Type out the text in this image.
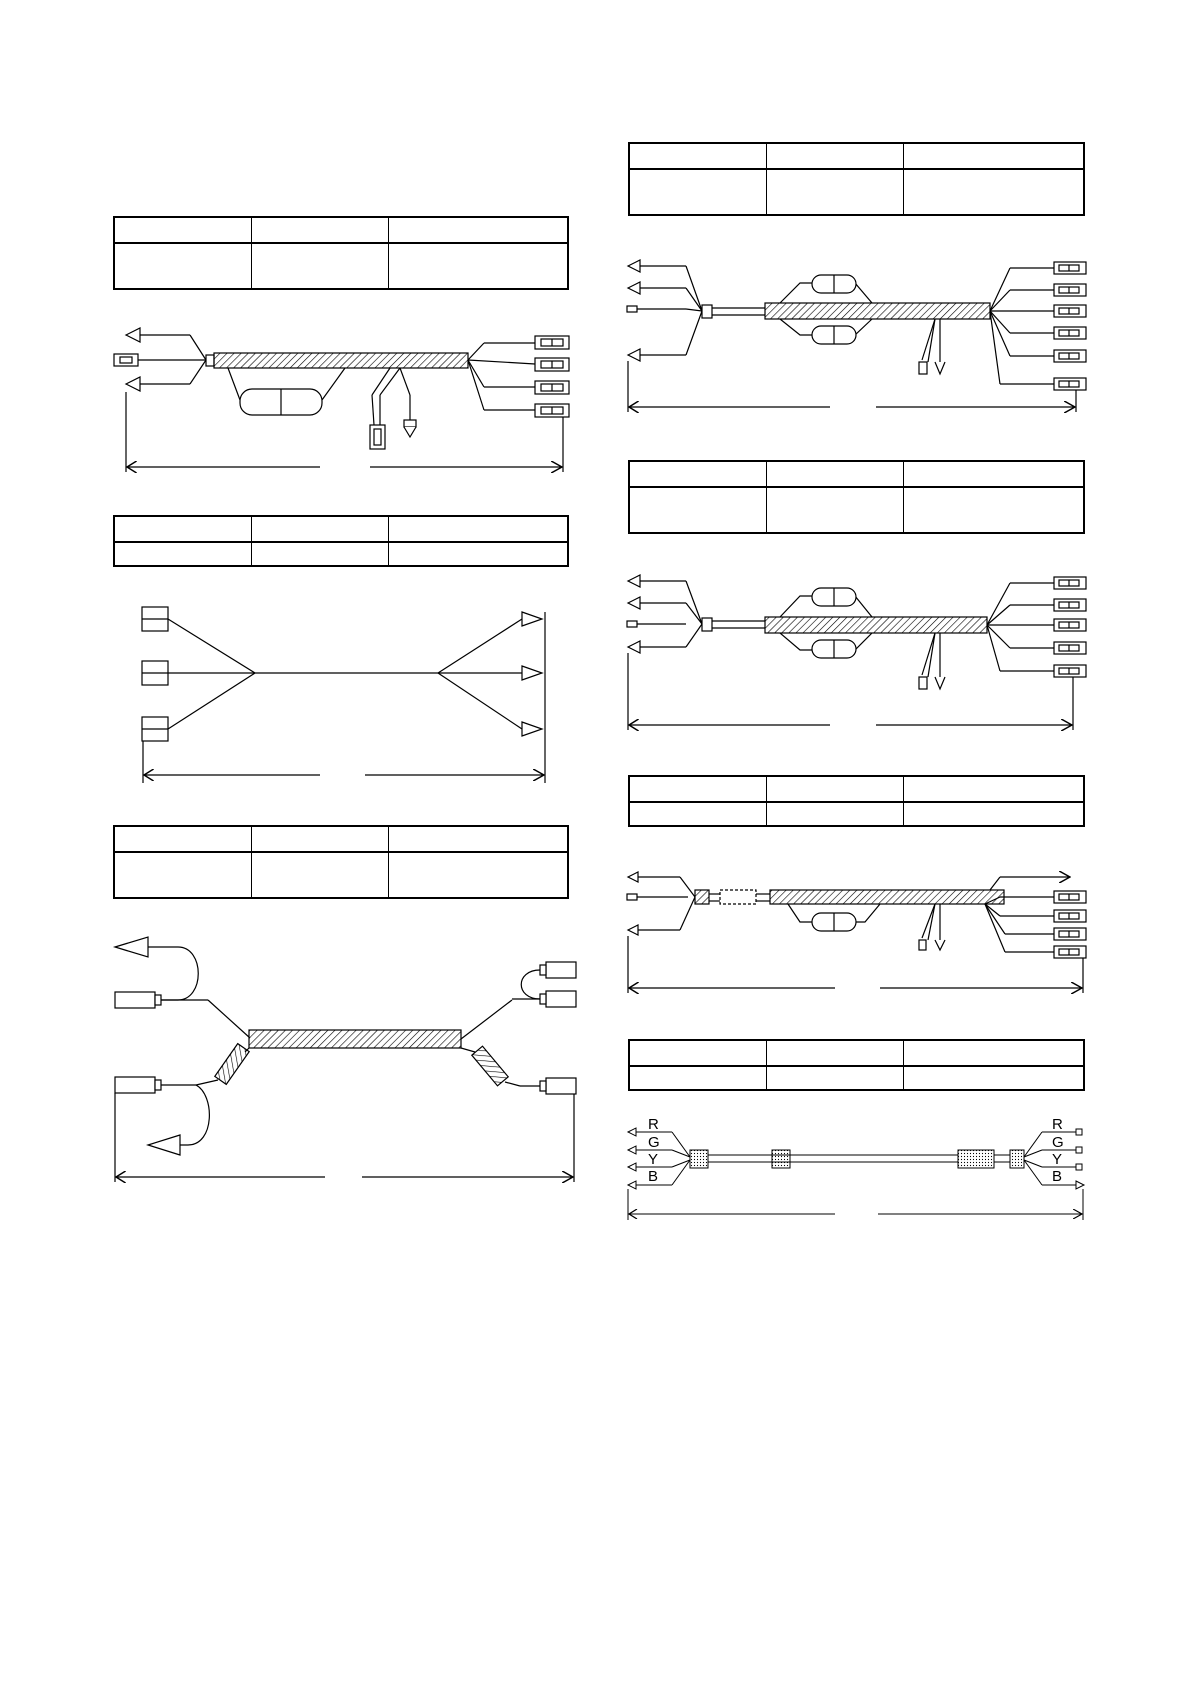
R
G
Y
B
R
G
Y
B
